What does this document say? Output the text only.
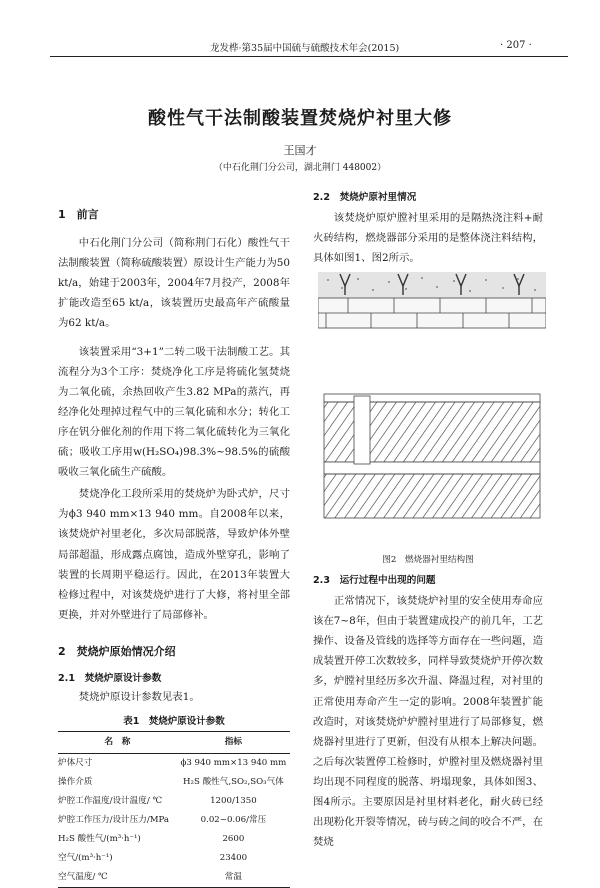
龙发桦·第35届中国硫与硫酸技术年会(2015)	· 207 ·
酸性气干法制酸装置焚烧炉衬里大修
王国才
（中石化荆门分公司，湖北荆门 448002）
1　前言

中石化荆门分公司（简称荆门石化）酸性气干法制酸装置（简称硫酸装置）原设计生产能力为50 kt/a，始建于2003年，2004年7月投产，2008年扩能改造至65 kt/a，该装置历史最高年产硫酸量为62 kt/a。

该装置采用“3+1”二转二吸干法制酸工艺。其流程分为3个工序：焚烧净化工序是将硫化氢焚烧为二氧化硫，余热回收产生3.82 MPa的蒸汽，再经净化处理掉过程气中的三氧化硫和水分；转化工序在钒分催化剂的作用下将二氧化硫转化为三氧化硫；吸收工序用w(H₂SO₄)98.3%~98.5%的硫酸吸收三氧化硫生产硫酸。

焚烧净化工段所采用的焚烧炉为卧式炉，尺寸为ϕ3 940 mm×13 940 mm。自2008年以来，该焚烧炉衬里老化，多次局部脱落，导致炉体外壁局部超温，形成露点腐蚀，造成外壁穿孔，影响了装置的长周期平稳运行。因此，在2013年装置大检修过程中，对该焚烧炉进行了大修，将衬里全部更换，并对外壁进行了局部修补。

2　焚烧炉原始情况介绍
2.1　焚烧炉原设计参数

焚烧炉原设计参数见表1。

表1　焚烧炉原设计参数
名　称	指标
炉体尺寸	ϕ3 940 mm×13 940 mm
操作介质	H₂S 酸性气,SO₂,SO₃气体
炉腔工作温度/设计温度/ ℃	1200/1350
炉腔工作压力/设计压力/MPa	0.02~0.06/常压
H₂S 酸性气/(m³·h⁻¹)	2600
空气/(m³·h⁻¹)	23400
空气温度/ ℃	常温
2.2　焚烧炉原衬里情况

该焚烧炉原炉膛衬里采用的是隔热浇注料+耐火砖结构，燃烧器部分采用的是整体浇注料结构，具体如图1、图2所示。

图2　燃烧器衬里结构图
2.3　运行过程中出现的问题

正常情况下，该焚烧炉衬里的安全使用寿命应该在7~8年，但由于装置建成投产的前几年，工艺操作、设备及管线的选择等方面存在一些问题，造成装置开停工次数较多，同样导致焚烧炉开停次数多，炉膛衬里经历多次升温、降温过程，对衬里的正常使用寿命产生一定的影响。2008年装置扩能改造时，对该焚烧炉炉膛衬里进行了局部修复，燃烧器衬里进行了更新，但没有从根本上解决问题。之后每次装置停工检修时，炉膛衬里及燃烧器衬里均出现不同程度的脱落、坍塌现象，具体如图3、图4所示。主要原因是衬里材料老化，耐火砖已经出现粉化开裂等情况，砖与砖之间的咬合不严，在焚烧
